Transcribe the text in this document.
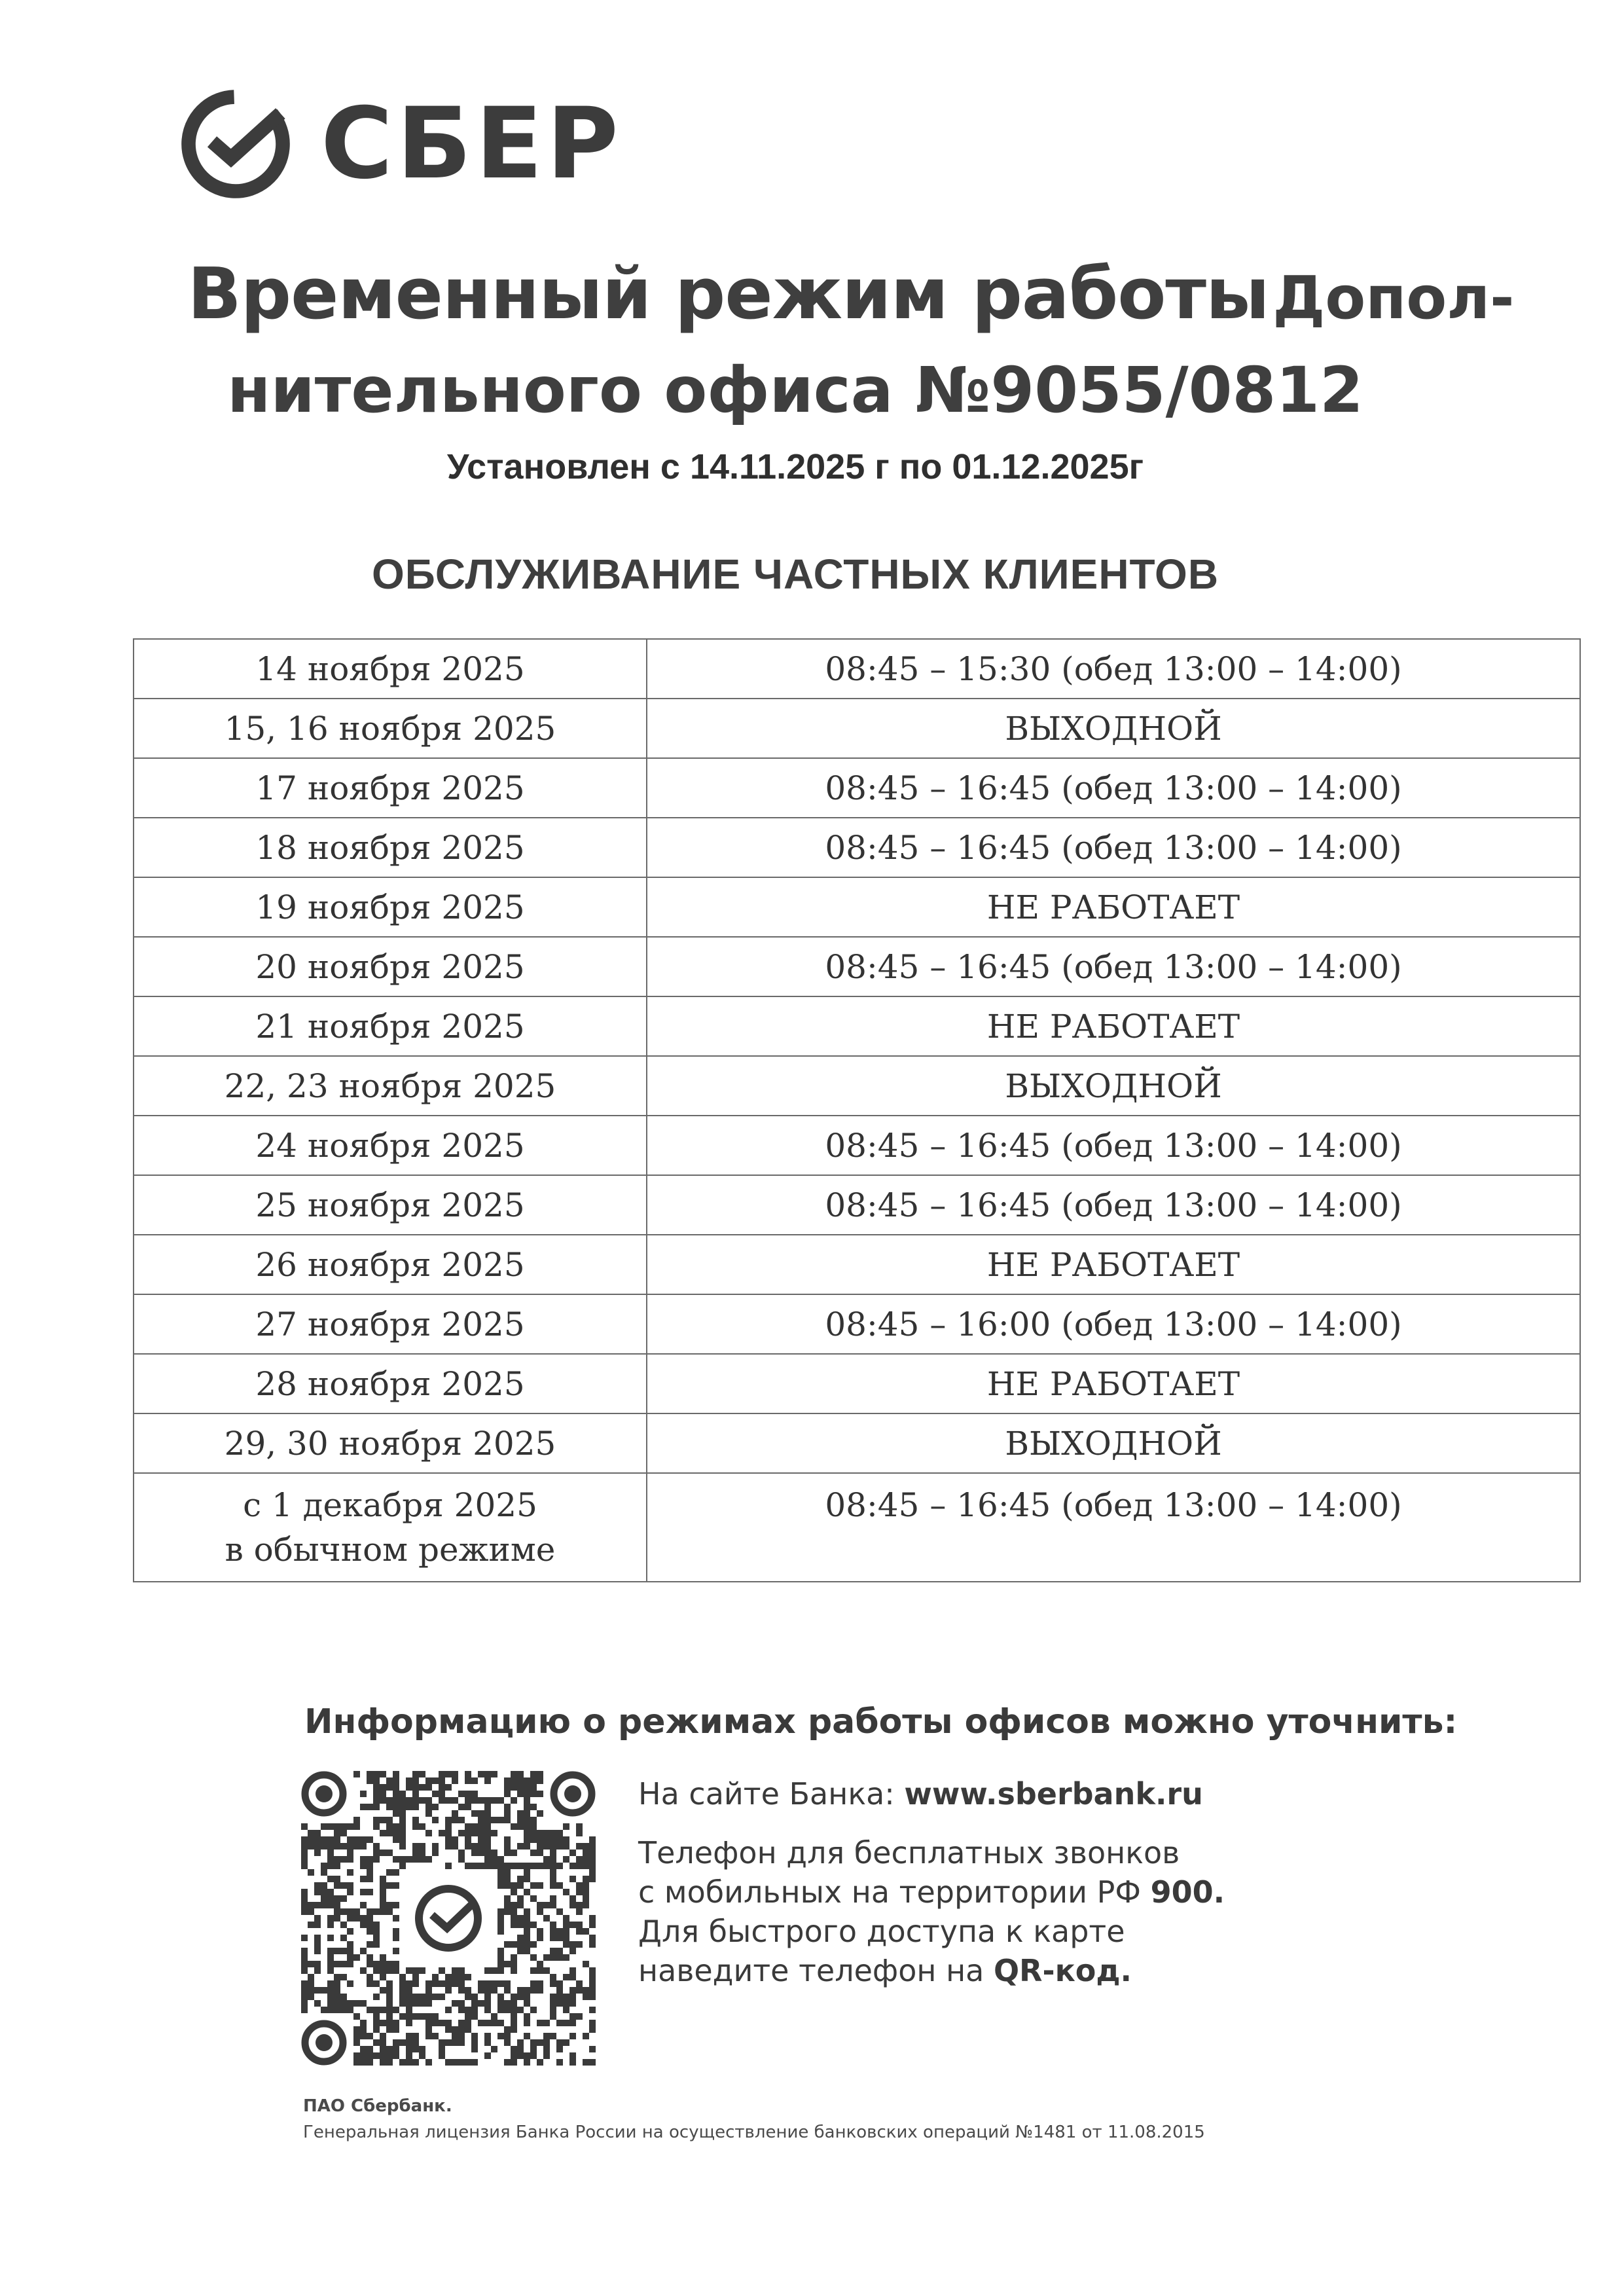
СБЕР
Временный режим работы Допол-
нительного офиса №9055/0812
Установлен с 14.11.2025 г по 01.12.2025г
ОБСЛУЖИВАНИЕ ЧАСТНЫХ КЛИЕНТОВ
14 ноября 2025	08:45 – 15:30 (обед 13:00 – 14:00)
15, 16 ноября 2025	ВЫХОДНОЙ
17 ноября 2025	08:45 – 16:45 (обед 13:00 – 14:00)
18 ноября 2025	08:45 – 16:45 (обед 13:00 – 14:00)
19 ноября 2025	НЕ РАБОТАЕТ
20 ноября 2025	08:45 – 16:45 (обед 13:00 – 14:00)
21 ноября 2025	НЕ РАБОТАЕТ
22, 23 ноября 2025	ВЫХОДНОЙ
24 ноября 2025	08:45 – 16:45 (обед 13:00 – 14:00)
25 ноября 2025	08:45 – 16:45 (обед 13:00 – 14:00)
26 ноября 2025	НЕ РАБОТАЕТ
27 ноября 2025	08:45 – 16:00 (обед 13:00 – 14:00)
28 ноября 2025	НЕ РАБОТАЕТ
29, 30 ноября 2025	ВЫХОДНОЙ
с 1 декабря 2025
в обычном режиме	08:45 – 16:45 (обед 13:00 – 14:00)
Информацию о режимах работы офисов можно уточнить:
На сайте Банка: www.sberbank.ru
Телефон для бесплатных звонков
с мобильных на территории РФ 900.
Для быстрого доступа к карте
наведите телефон на QR-код.
ПАО Сбербанк.
Генеральная лицензия Банка России на осуществление банковских операций №1481 от 11.08.2015
